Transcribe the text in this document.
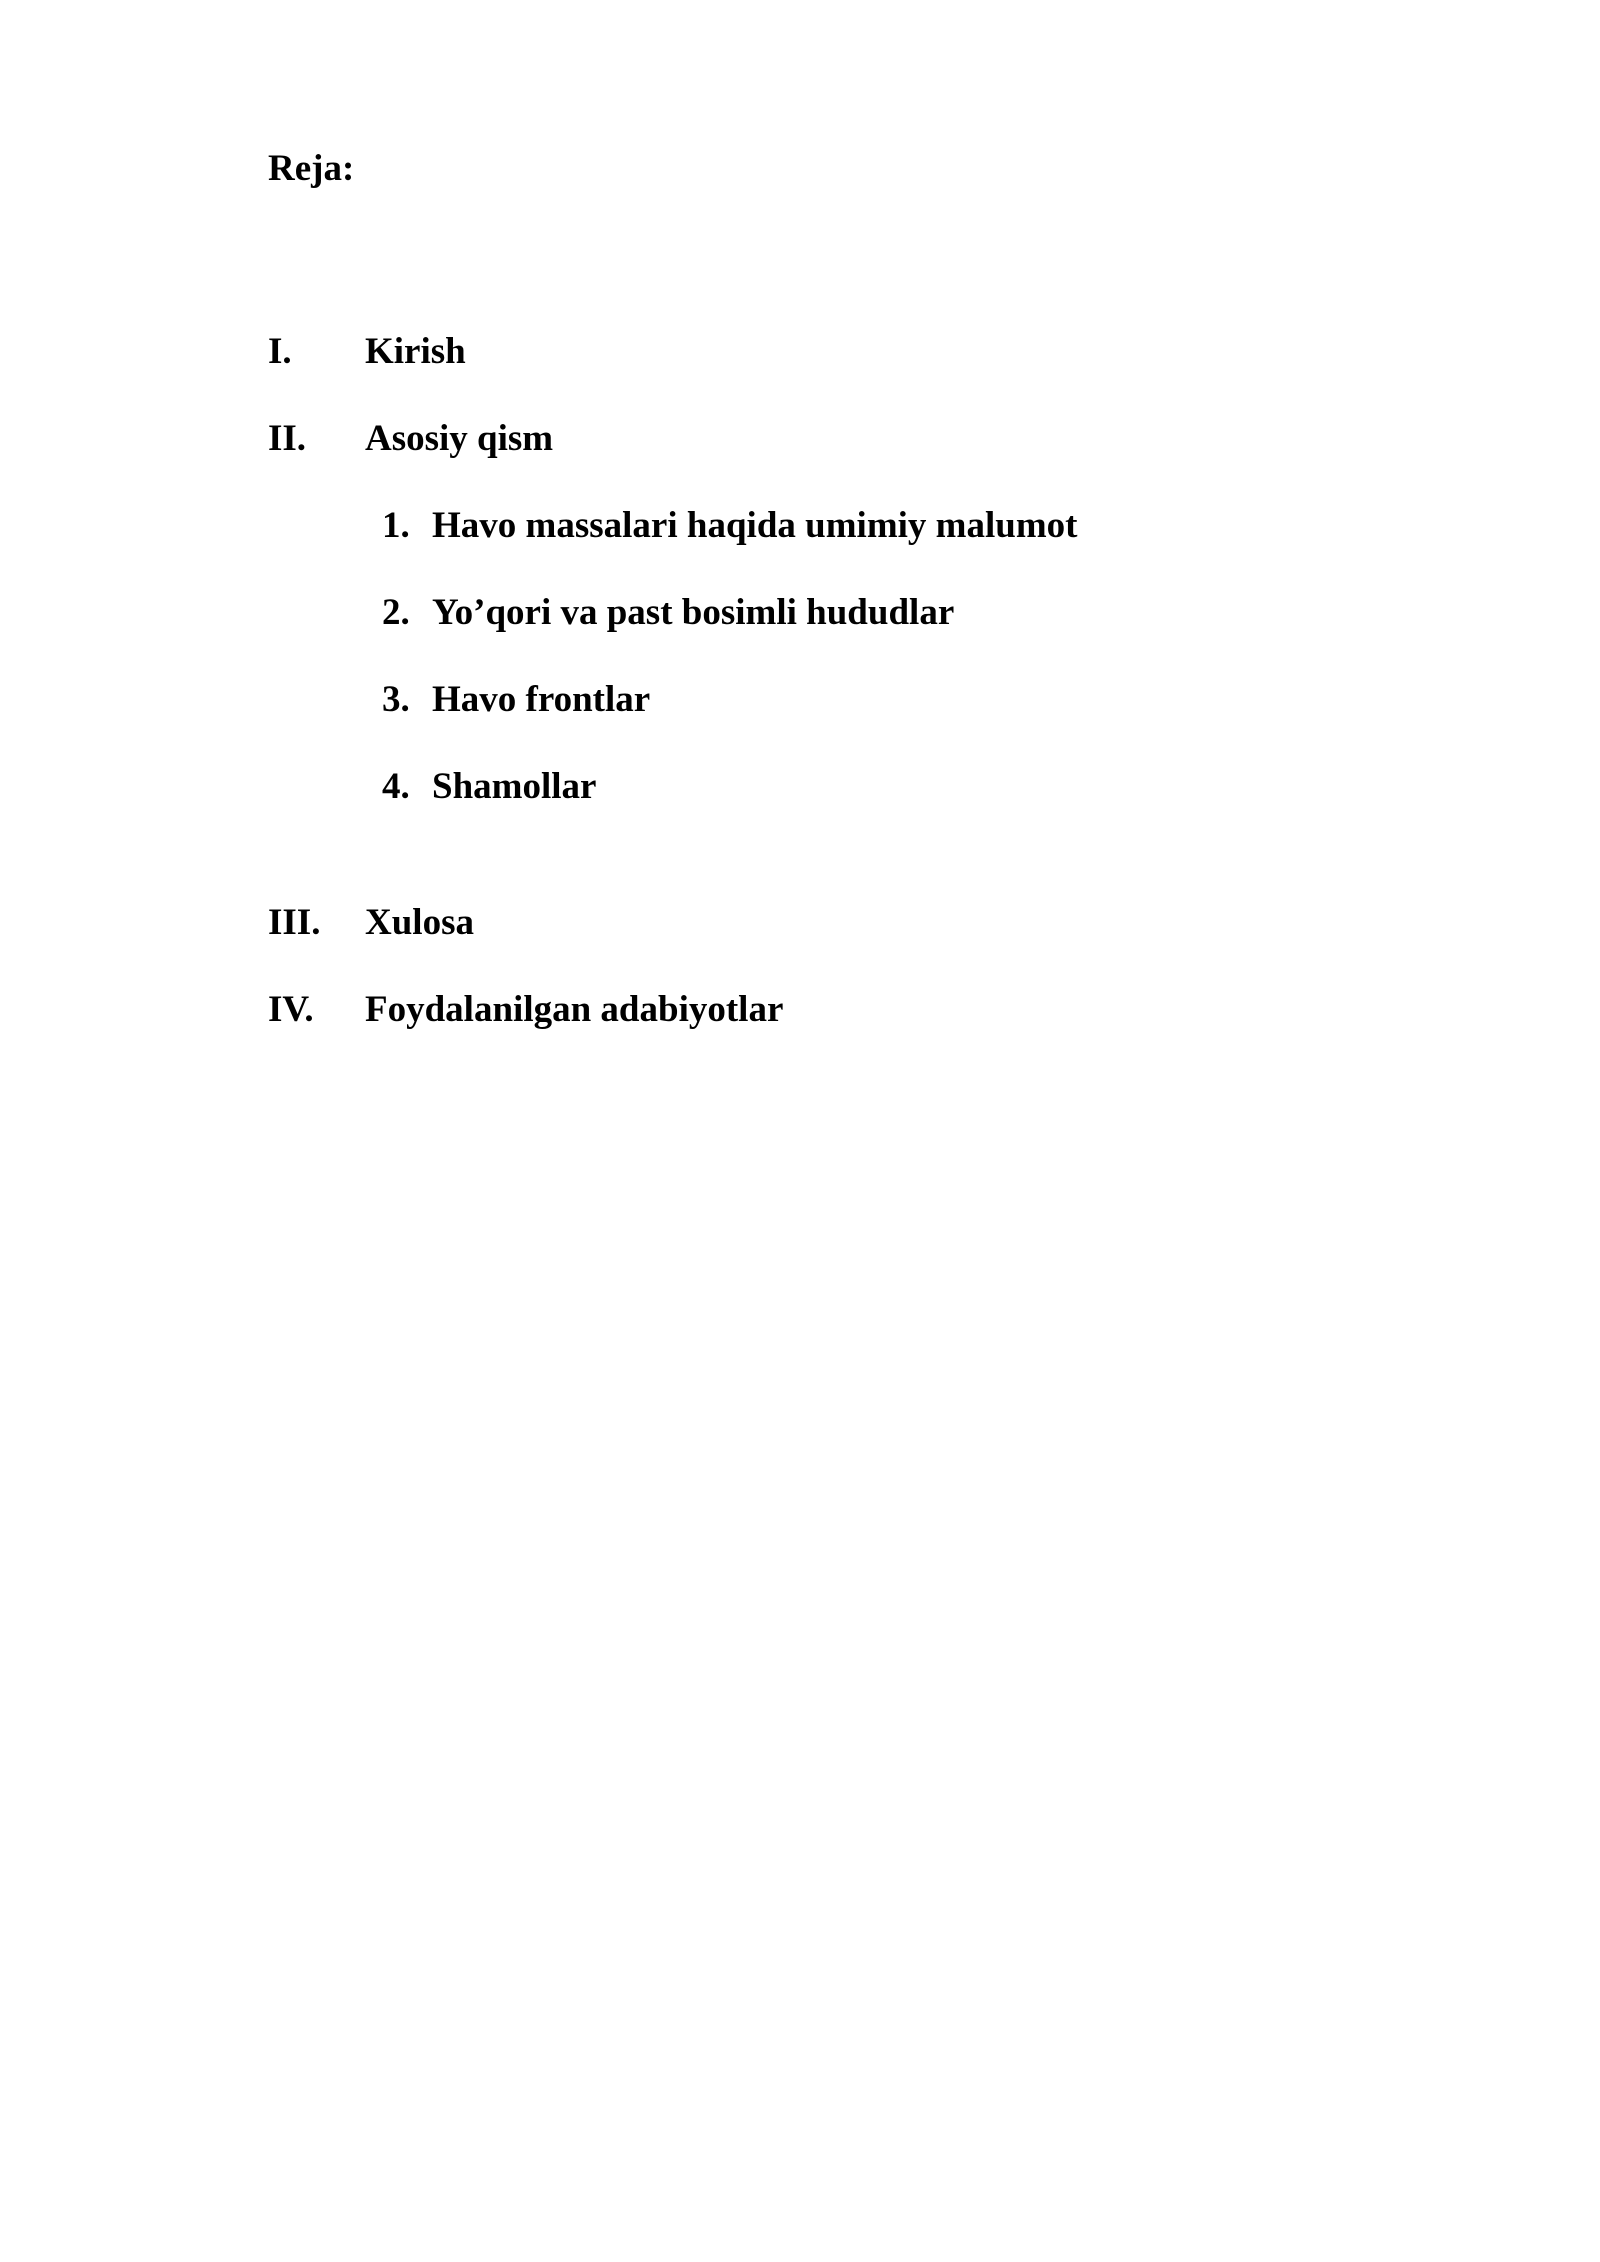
Reja:
I. Kirish
II. Asosiy qism
1. Havo massalari haqida umimiy malumot
2. Yo’qori va past bosimli hududlar
3. Havo frontlar
4. Shamollar
III. Xulosa
IV. Foydalanilgan adabiyotlar
